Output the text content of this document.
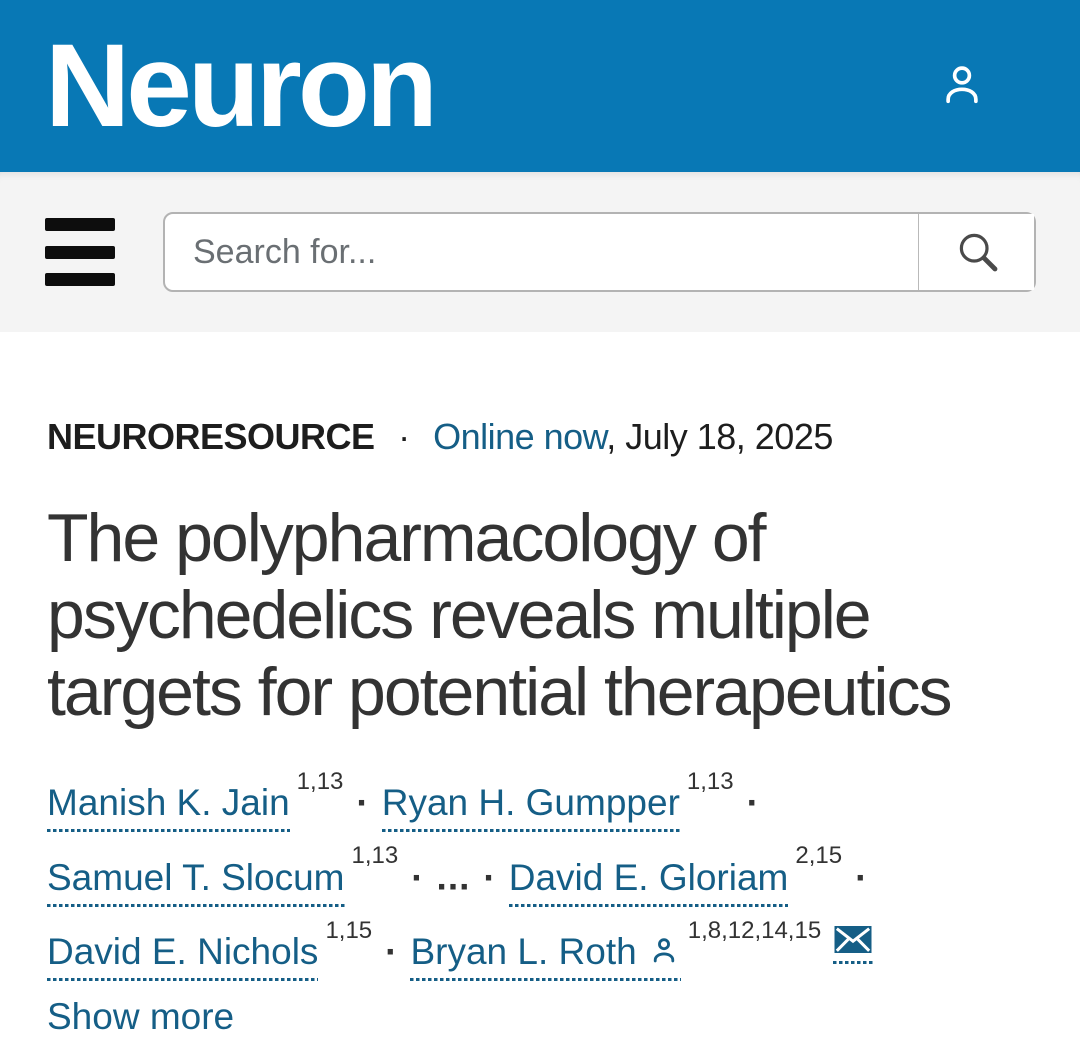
Neuron
Search for...
NEURORESOURCE · Online now, July 18, 2025
The polypharmacology of
psychedelics reveals multiple
targets for potential therapeutics
Manish K. Jain$^{1,13}$· Ryan H. Gumpper$^{1,13}$·
Samuel T. Slocum$^{1,13}$· ... · David E. Gloriam$^{2,15}$·
David E. Nichols$^{1,15}$· Bryan L. Roth
$^{1,8,12,14,15}$
Show more
